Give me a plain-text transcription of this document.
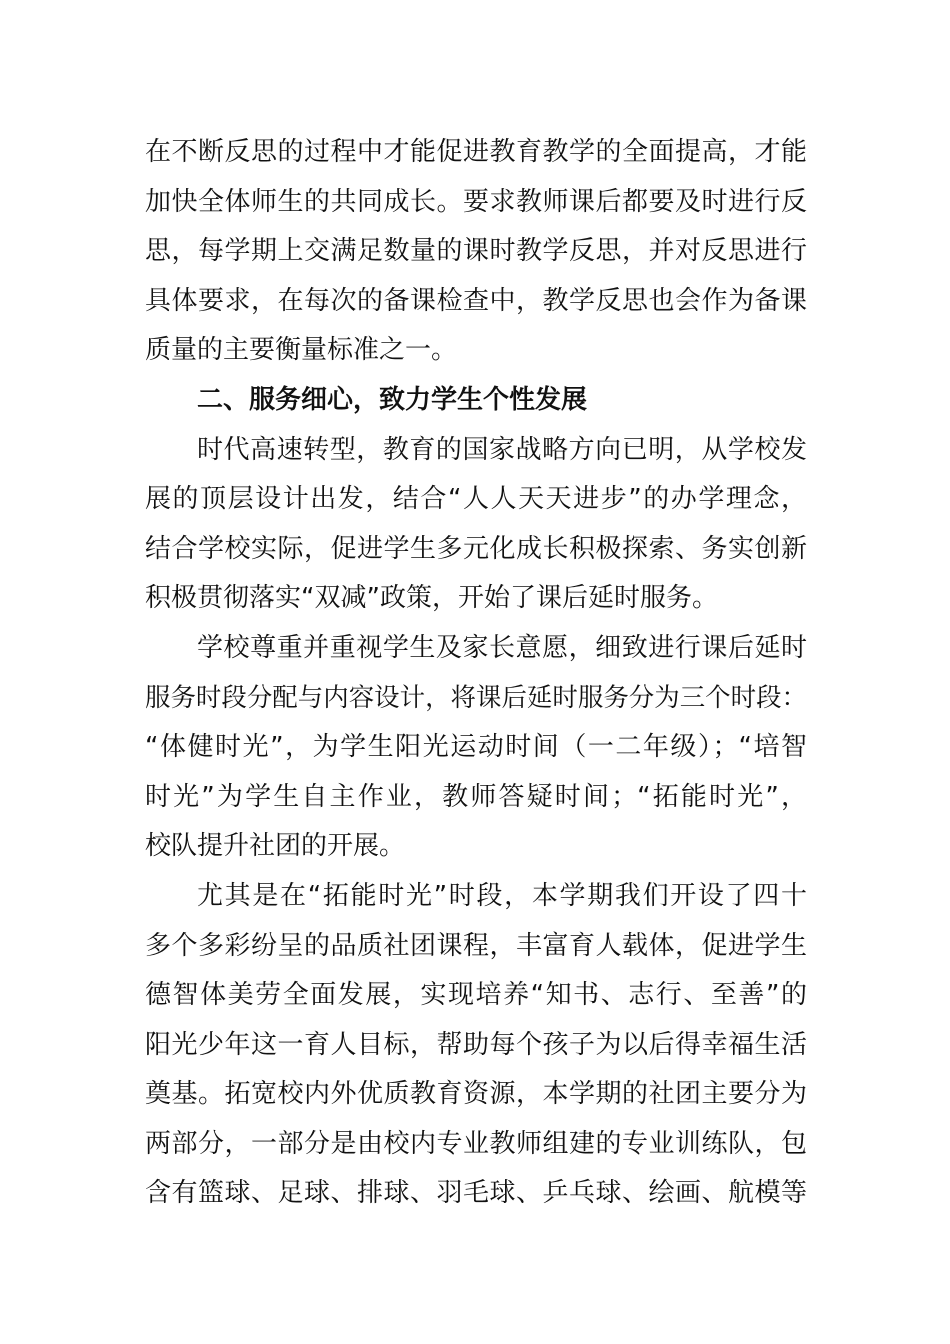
在不断反思的过程中才能促进教育教学的全面提高，才能
加快全体师生的共同成长。要求教师课后都要及时进行反
思，每学期上交满足数量的课时教学反思，并对反思进行
具体要求，在每次的备课检查中，教学反思也会作为备课
质量的主要衡量标准之一。
二、服务细心，致力学生个性发展
时代高速转型，教育的国家战略方向已明，从学校发
展的顶层设计出发，结合“人人天天进步”的办学理念，
结合学校实际，促进学生多元化成长积极探索、务实创新
积极贯彻落实“双减”政策，开始了课后延时服务。
学校尊重并重视学生及家长意愿，细致进行课后延时
服务时段分配与内容设计，将课后延时服务分为三个时段：
“体健时光”，为学生阳光运动时间（一二年级）；“培智
时光”为学生自主作业，教师答疑时间；“拓能时光”，
校队提升社团的开展。
尤其是在“拓能时光”时段，本学期我们开设了四十
多个多彩纷呈的品质社团课程，丰富育人载体，促进学生
德智体美劳全面发展，实现培养“知书、志行、至善”的
阳光少年这一育人目标，帮助每个孩子为以后得幸福生活
奠基。拓宽校内外优质教育资源，本学期的社团主要分为
两部分，一部分是由校内专业教师组建的专业训练队，包
含有篮球、足球、排球、羽毛球、乒乓球、绘画、航模等
